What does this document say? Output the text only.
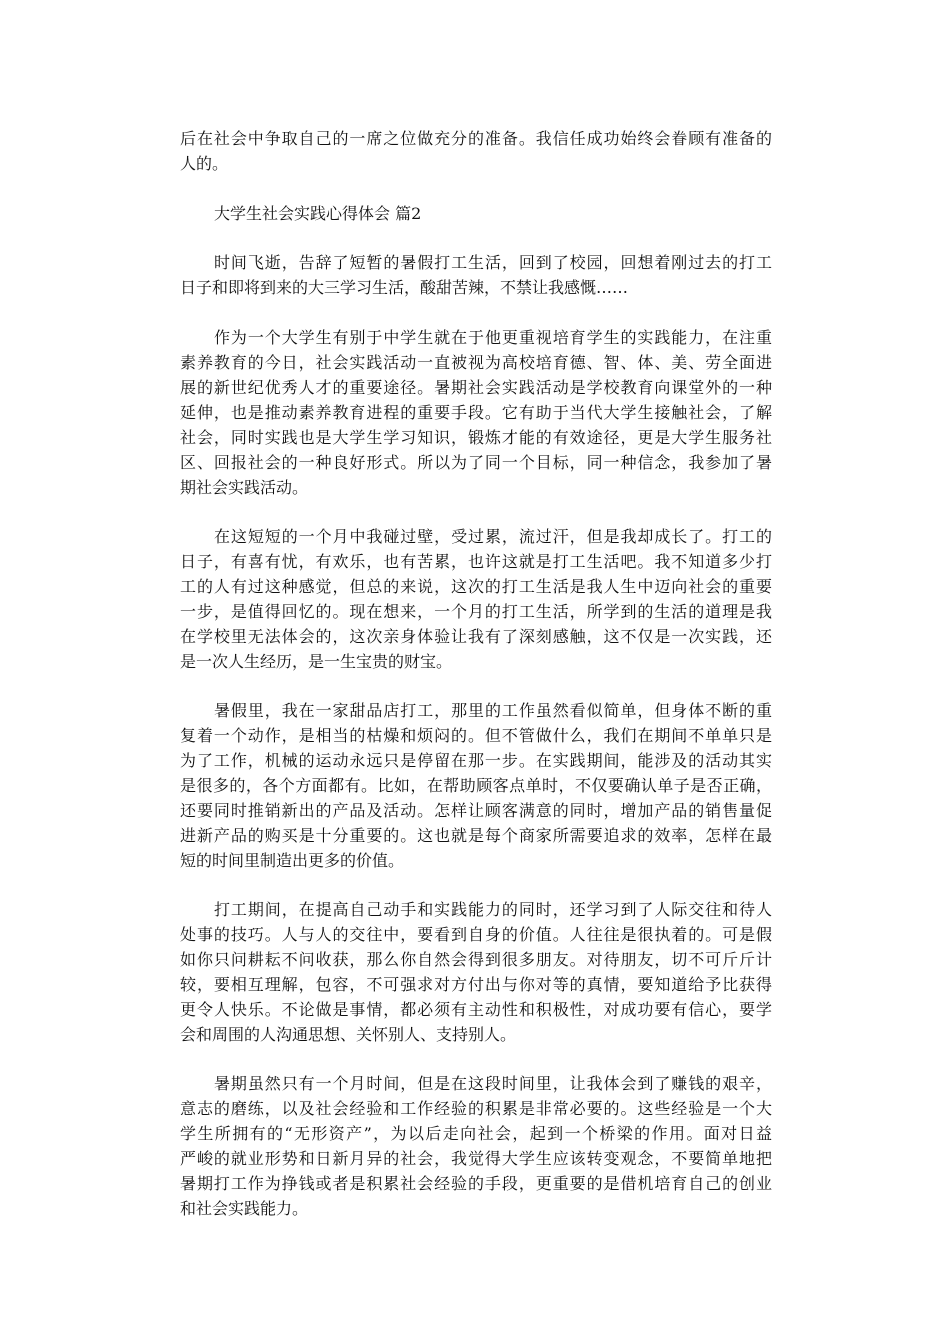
后在社会中争取自己的一席之位做充分的准备。我信任成功始终会眷顾有准备的
人的。
大学生社会实践心得体会 篇2
时间飞逝，告辞了短暂的暑假打工生活，回到了校园，回想着刚过去的打工
日子和即将到来的大三学习生活，酸甜苦辣，不禁让我感慨……
作为一个大学生有别于中学生就在于他更重视培育学生的实践能力，在注重
素养教育的今日，社会实践活动一直被视为高校培育德、智、体、美、劳全面进
展的新世纪优秀人才的重要途径。暑期社会实践活动是学校教育向课堂外的一种
延伸，也是推动素养教育进程的重要手段。它有助于当代大学生接触社会，了解
社会，同时实践也是大学生学习知识，锻炼才能的有效途径，更是大学生服务社
区、回报社会的一种良好形式。所以为了同一个目标，同一种信念，我参加了暑
期社会实践活动。
在这短短的一个月中我碰过壁，受过累，流过汗，但是我却成长了。打工的
日子，有喜有忧，有欢乐，也有苦累，也许这就是打工生活吧。我不知道多少打
工的人有过这种感觉，但总的来说，这次的打工生活是我人生中迈向社会的重要
一步，是值得回忆的。现在想来，一个月的打工生活，所学到的生活的道理是我
在学校里无法体会的，这次亲身体验让我有了深刻感触，这不仅是一次实践，还
是一次人生经历，是一生宝贵的财宝。
暑假里，我在一家甜品店打工，那里的工作虽然看似简单，但身体不断的重
复着一个动作，是相当的枯燥和烦闷的。但不管做什么，我们在期间不单单只是
为了工作，机械的运动永远只是停留在那一步。在实践期间，能涉及的活动其实
是很多的，各个方面都有。比如，在帮助顾客点单时，不仅要确认单子是否正确，
还要同时推销新出的产品及活动。怎样让顾客满意的同时，增加产品的销售量促
进新产品的购买是十分重要的。这也就是每个商家所需要追求的效率，怎样在最
短的时间里制造出更多的价值。
打工期间，在提高自己动手和实践能力的同时，还学习到了人际交往和待人
处事的技巧。人与人的交往中，要看到自身的价值。人往往是很执着的。可是假
如你只问耕耘不问收获，那么你自然会得到很多朋友。对待朋友，切不可斤斤计
较，要相互理解，包容，不可强求对方付出与你对等的真情，要知道给予比获得
更令人快乐。不论做是事情，都必须有主动性和积极性，对成功要有信心，要学
会和周围的人沟通思想、关怀别人、支持别人。
暑期虽然只有一个月时间，但是在这段时间里，让我体会到了赚钱的艰辛，
意志的磨练，以及社会经验和工作经验的积累是非常必要的。这些经验是一个大
学生所拥有的“无形资产”，为以后走向社会，起到一个桥梁的作用。面对日益
严峻的就业形势和日新月异的社会，我觉得大学生应该转变观念，不要简单地把
暑期打工作为挣钱或者是积累社会经验的手段，更重要的是借机培育自己的创业
和社会实践能力。
